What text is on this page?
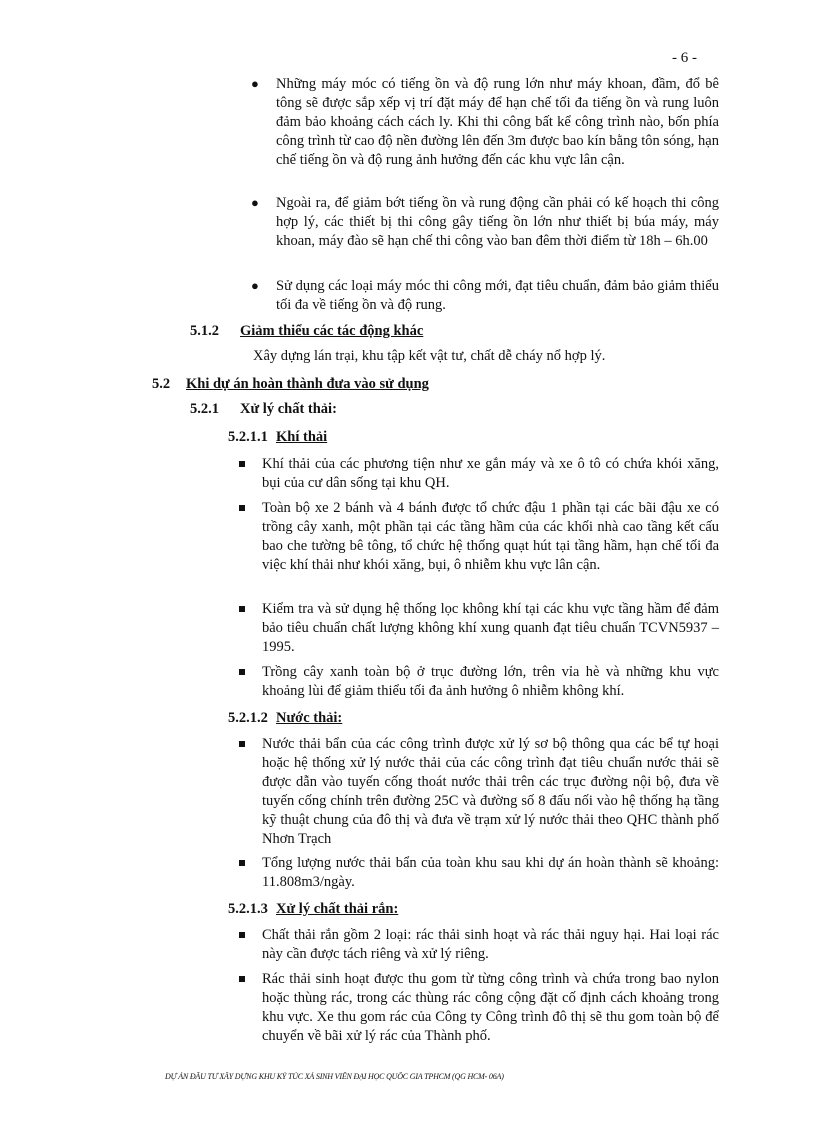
- 6 -
● Những máy móc có tiếng ồn và độ rung lớn như máy khoan, đầm, đổ bê tông sẽ được sắp xếp vị trí đặt máy để hạn chế tối đa tiếng ồn và rung luôn đảm bảo khoảng cách cách ly. Khi thi công bất kể công trình nào, bốn phía công trình từ cao độ nền đường lên đến 3m được bao kín bằng tôn sóng, hạn chế tiếng ồn và độ rung ảnh hưởng đến các khu vực lân cận.
● Ngoài ra, để giảm bớt tiếng ồn và rung động cần phải có kế hoạch thi công hợp lý, các thiết bị thi công gây tiếng ồn lớn như thiết bị búa máy, máy khoan, máy đào sẽ hạn chế thi công vào ban đêm thời điểm từ 18h – 6h.00
● Sử dụng các loại máy móc thi công mới, đạt tiêu chuẩn, đảm bảo giảm thiểu tối đa về tiếng ồn và độ rung.
5.1.2 Giảm thiểu các tác động khác
Xây dựng lán trại, khu tập kết vật tư, chất dễ cháy nổ hợp lý.
5.2 Khi dự án hoàn thành đưa vào sử dụng
5.2.1 Xử lý chất thải:
5.2.1.1 Khí thải
Khí thải của các phương tiện như xe gắn máy và xe ô tô có chứa khói xăng, bụi của cư dân sống tại khu QH.
Toàn bộ xe 2 bánh và 4 bánh được tổ chức đậu 1 phần tại các bãi đậu xe có trồng cây xanh, một phần tại các tầng hầm của các khối nhà cao tầng kết cấu bao che tường bê tông, tổ chức hệ thống quạt hút tại tầng hầm, hạn chế tối đa việc khí thải như khói xăng, bụi, ô nhiễm khu vực lân cận.
Kiểm tra và sử dụng hệ thống lọc không khí tại các khu vực tầng hầm để đảm bảo tiêu chuẩn chất lượng không khí xung quanh đạt tiêu chuẩn TCVN5937 – 1995.
Trồng cây xanh toàn bộ ở trục đường lớn, trên vỉa hè và những khu vực khoảng lùi để giảm thiểu tối đa ảnh hưởng ô nhiễm không khí.
5.2.1.2 Nước thải:
Nước thải bẩn của các công trình được xử lý sơ bộ thông qua các bể tự hoại hoặc hệ thống xử lý nước thải của các công trình đạt tiêu chuẩn nước thải sẽ được dẫn vào tuyến cống thoát nước thải trên các trục đường nội bộ, đưa về tuyến cống chính trên đường 25C và đường số 8 đấu nối vào hệ thống hạ tầng kỹ thuật chung của đô thị và đưa về trạm xử lý nước thải theo QHC thành phố Nhơn Trạch
Tổng lượng nước thải bẩn của toàn khu sau khi dự án hoàn thành sẽ khoảng: 11.808m3/ngày.
5.2.1.3 Xử lý chất thải rắn:
Chất thải rắn gồm 2 loại: rác thải sinh hoạt và rác thải nguy hại. Hai loại rác này cần được tách riêng và xử lý riêng.
Rác thải sinh hoạt được thu gom từ từng công trình và chứa trong bao nylon hoặc thùng rác, trong các thùng rác công cộng đặt cố định cách khoảng trong khu vực. Xe thu gom rác của Công ty Công trình đô thị sẽ thu gom toàn bộ để chuyển về bãi xử lý rác của Thành phố.
DỰ ÁN ĐẦU TƯ XÂY DỰNG KHU KÝ TÚC XÁ SINH VIÊN ĐẠI HỌC QUỐC GIA TPHCM (QG HCM- 06A)
